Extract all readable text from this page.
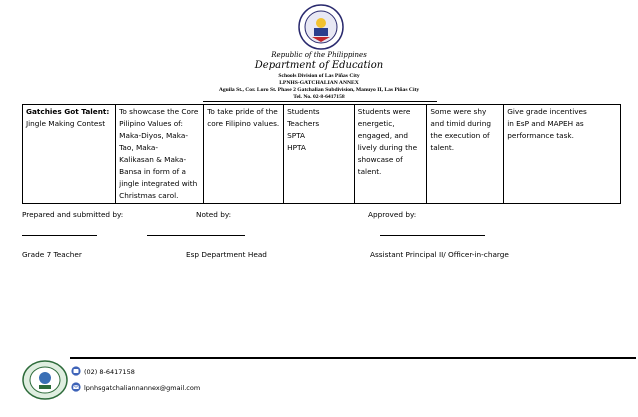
Republic of the Philippines
Department of Education
Schools Division of Las Piñas City
LPNHS-GATCHALIAN ANNEX
Aguila St., Cor. Loro St. Phase 2 Gatchalian Subdivision, Manuyo II, Las Piñas City
Tel. No. 02-8-6417158
Gatchies Got Talent:
Jingle Making Contest

To showcase the Core
Pilipino Values of:
Maka-Diyos, Maka-
Tao, Maka-
Kalikasan & Maka-
Bansa in form of a
jingle integrated with
Christmas carol.

To take pride of the
core Filipino values.

Students
Teachers
SPTA
HPTA

Students were
energetic,
engaged, and
lively during the
showcase of
talent.

Some were shy
and timid during
the execution of
talent.

Give grade incentives
in EsP and MAPEH as
performance task.
Prepared and submitted by:	Noted by:	Approved by:
Grade 7 Teacher	Esp Department Head	Assistant Principal II/ Officer-in-charge
(02) 8-6417158
lpnhsgatchaliannannex@gmail.com
